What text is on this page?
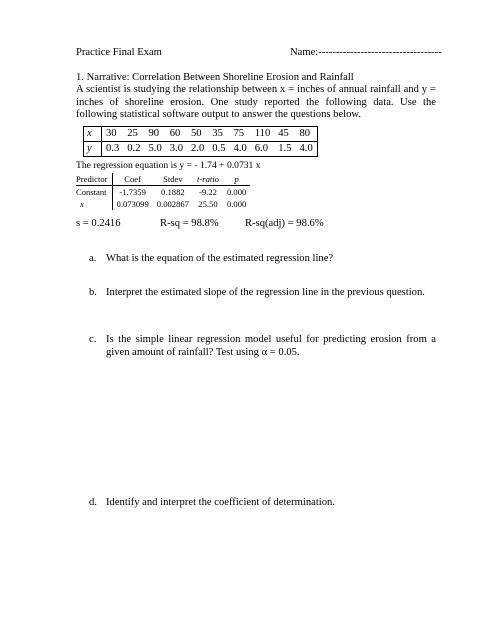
Practice Final Exam	Name:-----------------------------------

1. Narrative: Correlation Between Shoreline Erosion and Rainfall

A scientist is studying the relationship between x = inches of annual rainfall and y = inches of shoreline erosion. One study reported the following data. Use the following statistical software output to answer the questions below.

x	30	25	90	60	50	35	75	110	45	80
y	0.3	0.2	5.0	3.0	2.0	0.5	4.0	6.0	1.5	4.0
The regression equation is y = - 1.74 + 0.0731 x
Predictor	Coef	Stdev	t-ratio	p
Constant	-1.7359	0.1882	-9.22	0.000
x	0.073099	0.002867	25.50	0.000
s = 0.2416	R-sq = 98.8% R-sq(adj) = 98.6%
a. What is the equation of the estimated regression line?
b. Interpret the estimated slope of the regression line in the previous question.
c. Is the simple linear regression model useful for predicting erosion from a given amount of rainfall? Test using α = 0.05.
d. Identify and interpret the coefficient of determination.
